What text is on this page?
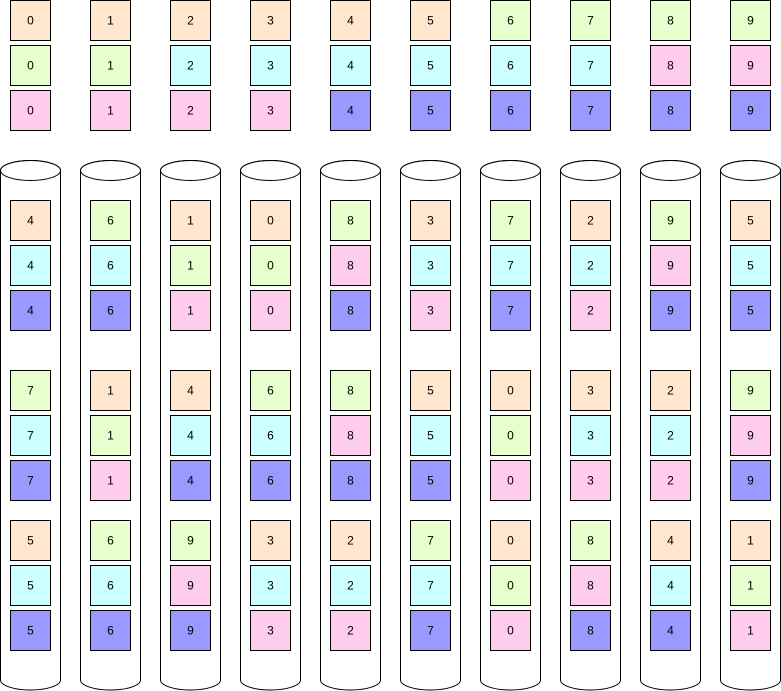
0	1	2	3	4	5	6	7	8	9
0	1	2	3	4	5	6	7	8	9
0	1	2	3	4	5	6	7	8	9
4
4
4
7
7
7
5
5
5
6
6
6
1
1
1
6
6
6
1
1
1
4
4
4
9
9
9
0
0
0
6
6
6
3
3
3
8
8
8
8
8
8
2
2
2
3
3
3
5
5
5
7
7
7
7
7
7
0
0
0
0
0
0
2
2
2
3
3
3
8
8
8
9
9
9
2
2
2
4
4
4
5
5
5
9
9
9
1
1
1
